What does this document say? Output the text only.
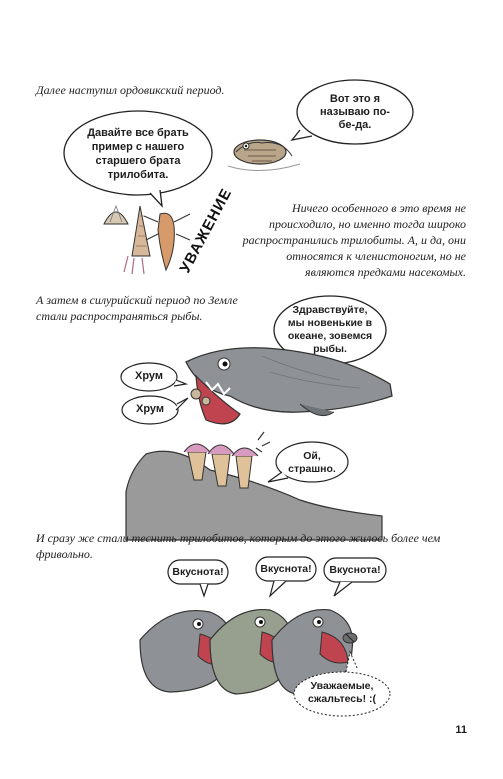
УВАЖЕНИЕ
Далее наступил ордовикский период.
Ничего особенного в это время не происходило, но именно тогда широко распространились трилобиты. А, и да, они относятся к членистоногим, но не являются предками насекомых.
А затем в силурийский период по Земле стали распространяться рыбы.
И сразу же стали теснить трилобитов, которым до этого жилось более чем фривольно.
Давайте все брать пример с нашего старшего брата трилобита.
Вот это я называю по-бе-да.
Здравствуйте, мы новенькие в океане, зовемся рыбы.
Хрум
Хрум
Ой, страшно.
Вкуснота!	Вкуснота!	Вкуснота!
Уважаемые, сжальтесь! :(
11
